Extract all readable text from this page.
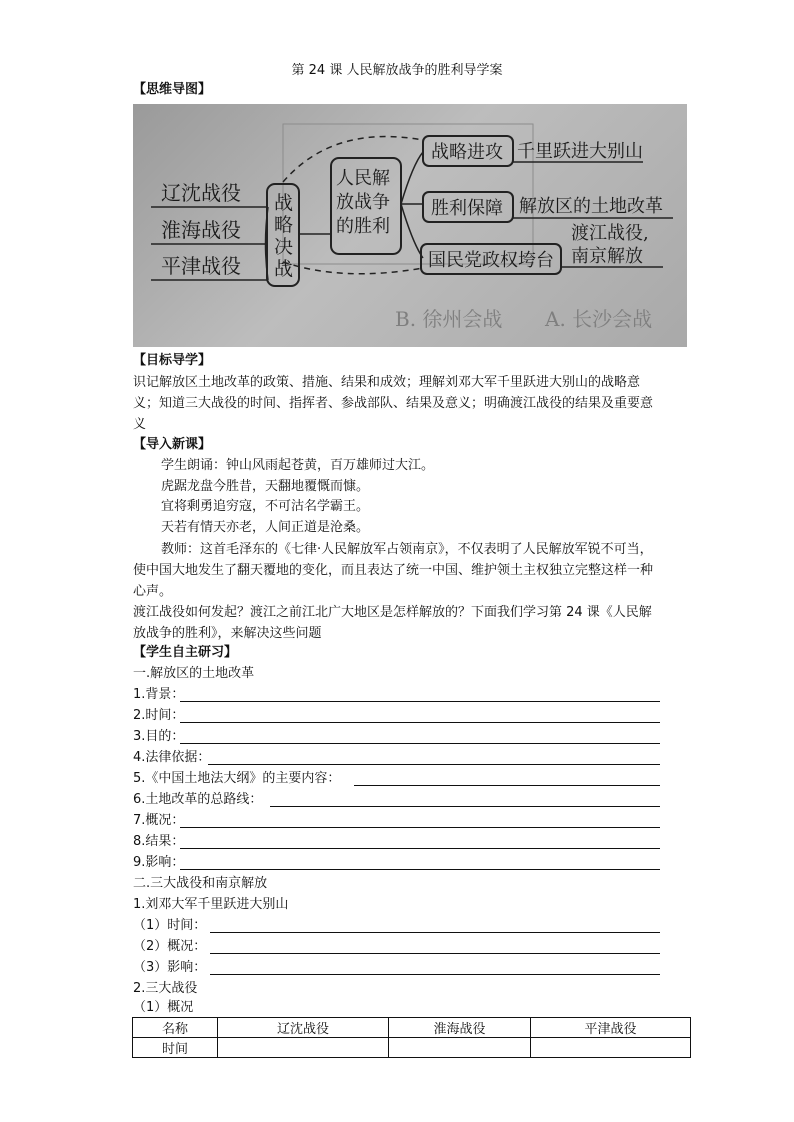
第 24 课 人民解放战争的胜利导学案
【思维导图】
B. 徐州会战 A. 长沙会战
辽沈战役
淮海战役
平津战役
战
略
决
战
人民解
放战争
的胜利
战略进攻
胜利保障
国民党政权垮台
千里跃进大别山
解放区的土地改革
渡江战役,
南京解放
【目标导学】
识记解放区土地改革的政策、措施、结果和成效；理解刘邓大军千里跃进大别山的战略意义；知道三大战役的时间、指挥者、参战部队、结果及意义；明确渡江战役的结果及重要意义
【导入新课】
学生朗诵：钟山风雨起苍黄，百万雄师过大江。
虎踞龙盘今胜昔，天翻地覆慨而慷。
宜将剩勇追穷寇，不可沽名学霸王。
天若有情天亦老，人间正道是沧桑。
教师：这首毛泽东的《七律·人民解放军占领南京》，不仅表明了人民解放军锐不可当，使中国大地发生了翻天覆地的变化，而且表达了统一中国、维护领土主权独立完整这样一种心声。
渡江战役如何发起？渡江之前江北广大地区是怎样解放的？下面我们学习第 24 课《人民解放战争的胜利》，来解决这些问题
【学生自主研习】
一.解放区的土地改革
1.背景：
2.时间：
3.目的：
4.法律依据：
5.《中国土地法大纲》的主要内容：
6.土地改革的总路线：
7.概况：
8.结果：
9.影响：
二.三大战役和南京解放
1.刘邓大军千里跃进大别山
（1）时间：
（2）概况：
（3）影响：
2.三大战役
（1）概况
名称	辽沈战役	淮海战役	平津战役
时间			
